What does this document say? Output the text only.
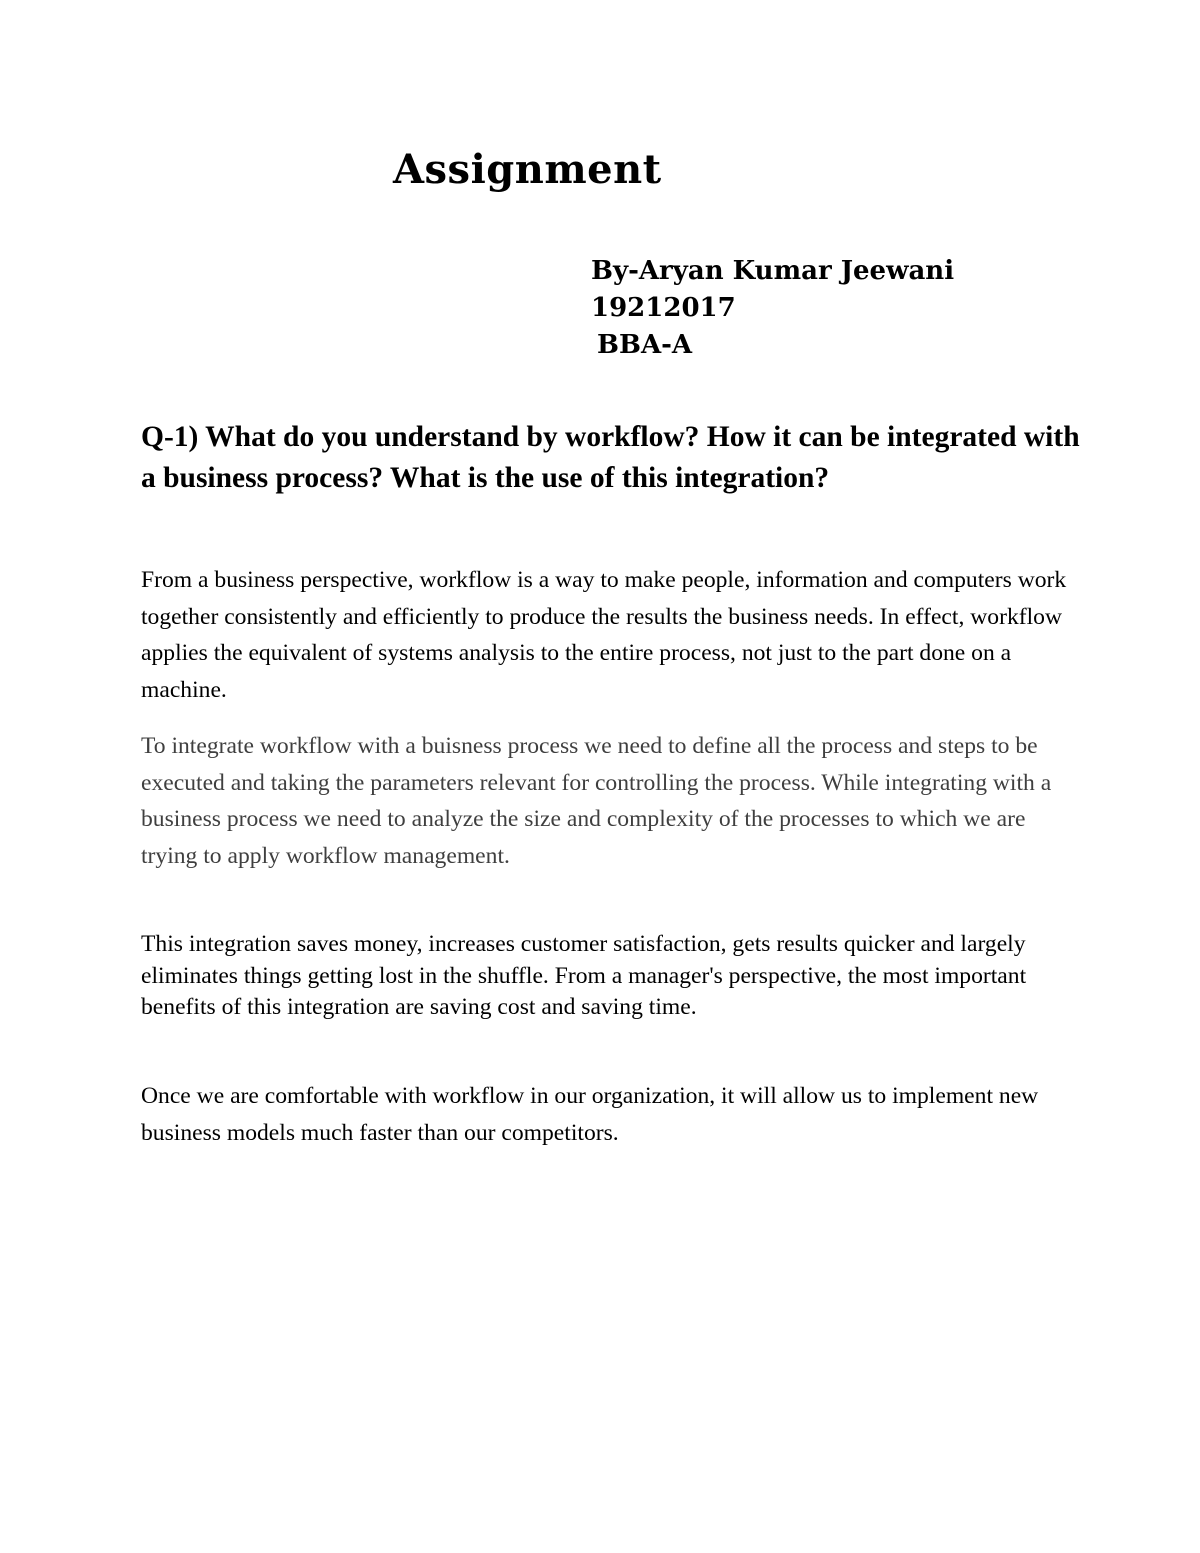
Assignment
By-Aryan Kumar Jeewani
19212017
BBA-A

Q-1) What do you understand by workflow? How it can be integrated with a business process? What is the use of this integration?

From a business perspective, workflow is a way to make people, information and computers work together consistently and efficiently to produce the results the business needs. In effect, workflow applies the equivalent of systems analysis to the entire process, not just to the part done on a machine.

To integrate workflow with a buisness process we need to define all the process and steps to be executed and taking the parameters relevant for controlling the process. While integrating with a business process we need to analyze the size and complexity of the processes to which we are trying to apply workflow management.

This integration saves money, increases customer satisfaction, gets results quicker and largely eliminates things getting lost in the shuffle. From a manager's perspective, the most important benefits of this integration are saving cost and saving time.

Once we are comfortable with workflow in our organization, it will allow us to implement new business models much faster than our competitors.
